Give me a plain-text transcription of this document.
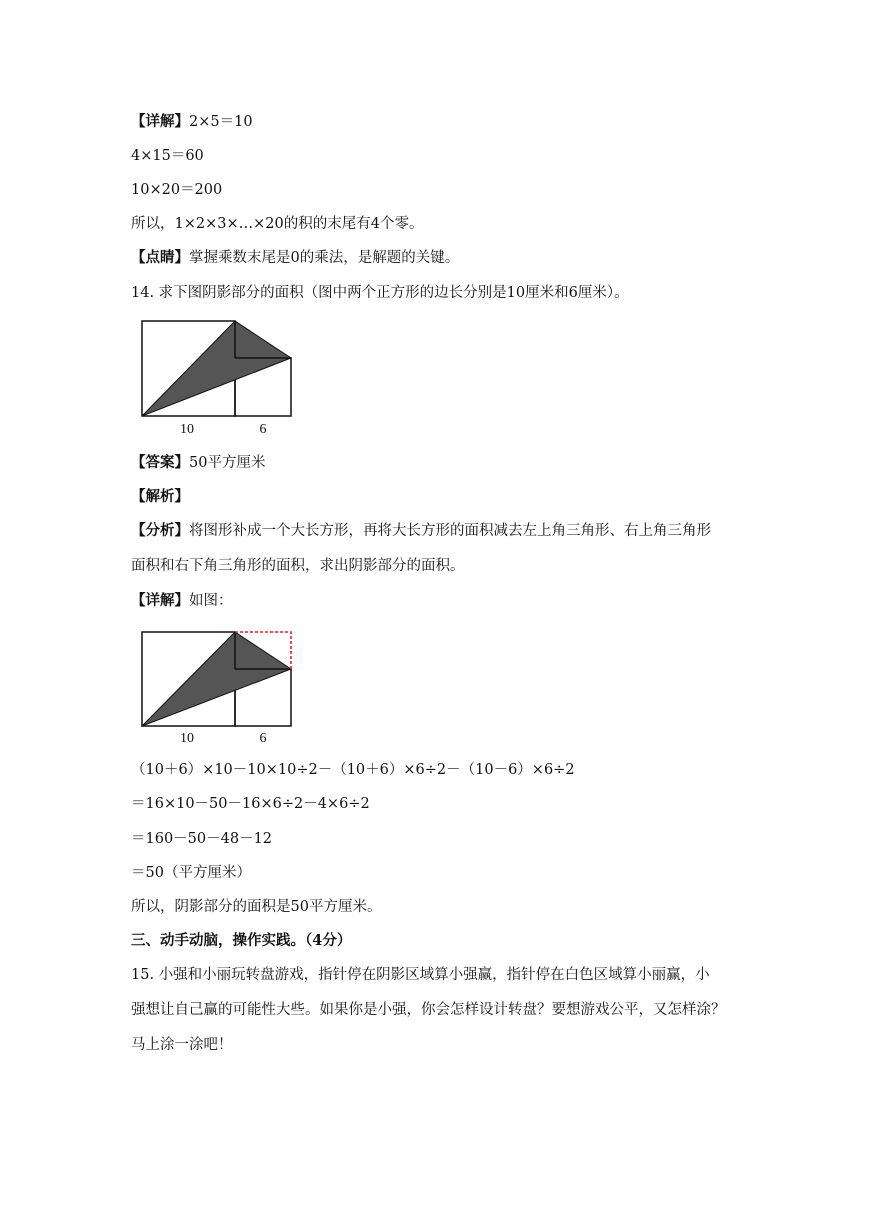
【详解】2×5＝10
4×15＝60
10×20＝200
所以，1×2×3×…×20的积的末尾有4个零。
【点睛】掌握乘数末尾是0的乘法，是解题的关键。
14. 求下图阴影部分的面积（图中两个正方形的边长分别是10厘米和6厘米）。
10	6
【答案】50平方厘米
【解析】
【分析】将图形补成一个大长方形，再将大长方形的面积减去左上角三角形、右上角三角形
面积和右下角三角形的面积，求出阴影部分的面积。
【详解】如图：
10	6
（10＋6）×10－10×10÷2－（10＋6）×6÷2－（10－6）×6÷2
＝16×10－50－16×6÷2－4×6÷2
＝160－50－48－12
＝50（平方厘米）
所以，阴影部分的面积是50平方厘米。
三、动手动脑，操作实践。（4分）
15. 小强和小丽玩转盘游戏，指针停在阴影区域算小强赢，指针停在白色区域算小丽赢，小
强想让自己赢的可能性大些。如果你是小强，你会怎样设计转盘？要想游戏公平，又怎样涂？
马上涂一涂吧！
